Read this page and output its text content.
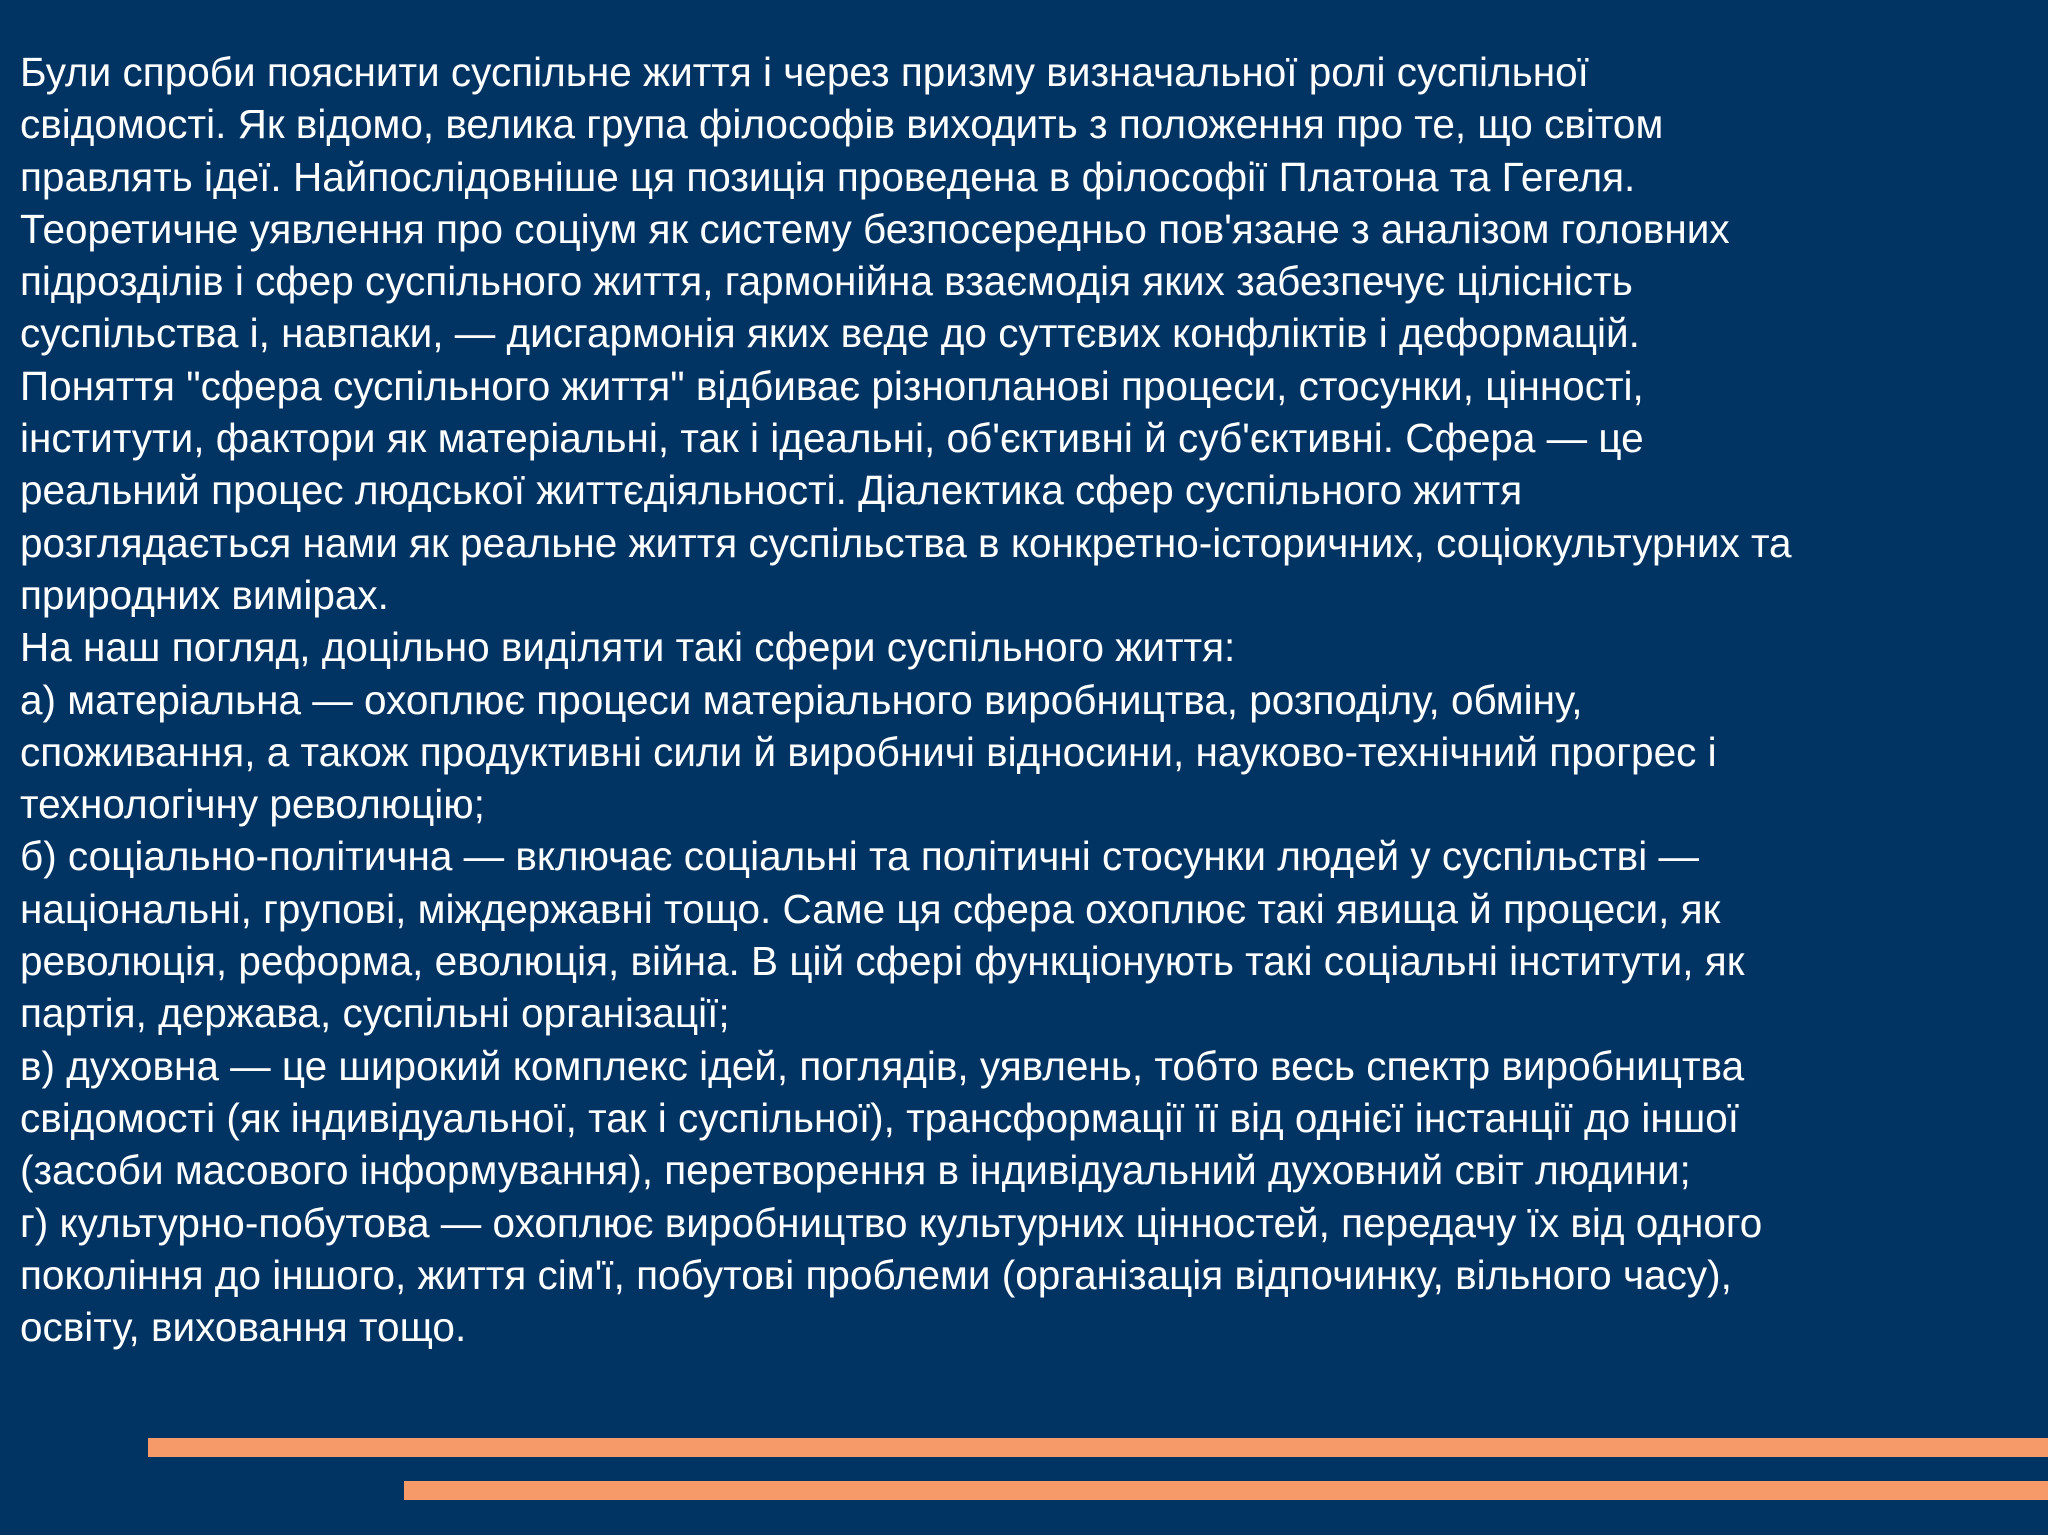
Були спроби пояснити суспільне життя і через призму визначальної ролі суспільної
свідомості. Як відомо, велика група філософів виходить з положення про те, що світом
правлять ідеї. Найпослідовніше ця позиція проведена в філософії Платона та Гегеля.
Теоретичне уявлення про соціум як систему безпосередньо пов'язане з аналізом головних
підрозділів і сфер суспільного життя, гармонійна взаємодія яких забезпечує цілісність
суспільства і, навпаки, — дисгармонія яких веде до суттєвих конфліктів і деформацій.
Поняття "сфера суспільного життя" відбиває різнопланові процеси, стосунки, цінності,
інститути, фактори як матеріальні, так і ідеальні, об'єктивні й суб'єктивні. Сфера — це
реальний процес людської життєдіяльності. Діалектика сфер суспільного життя
розглядається нами як реальне життя суспільства в конкретно-історичних, соціокультурних та
природних вимірах.
На наш погляд, доцільно виділяти такі сфери суспільного життя:
а) матеріальна — охоплює процеси матеріального виробництва, розподілу, обміну,
споживання, а також продуктивні сили й виробничі відносини, науково-технічний прогрес і
технологічну революцію;
б) соціально-політична — включає соціальні та політичні стосунки людей у суспільстві —
національні, групові, міждержавні тощо. Саме ця сфера охоплює такі явища й процеси, як
революція, реформа, еволюція, війна. В цій сфері функціонують такі соціальні інститути, як
партія, держава, суспільні організації;
в) духовна — це широкий комплекс ідей, поглядів, уявлень, тобто весь спектр виробництва
свідомості (як індивідуальної, так і суспільної), трансформації її від однієї інстанції до іншої
(засоби масового інформування), перетворення в індивідуальний духовний світ людини;
г) культурно-побутова — охоплює виробництво культурних цінностей, передачу їх від одного
покоління до іншого, життя сім'ї, побутові проблеми (організація відпочинку, вільного часу),
освіту, виховання тощо.
